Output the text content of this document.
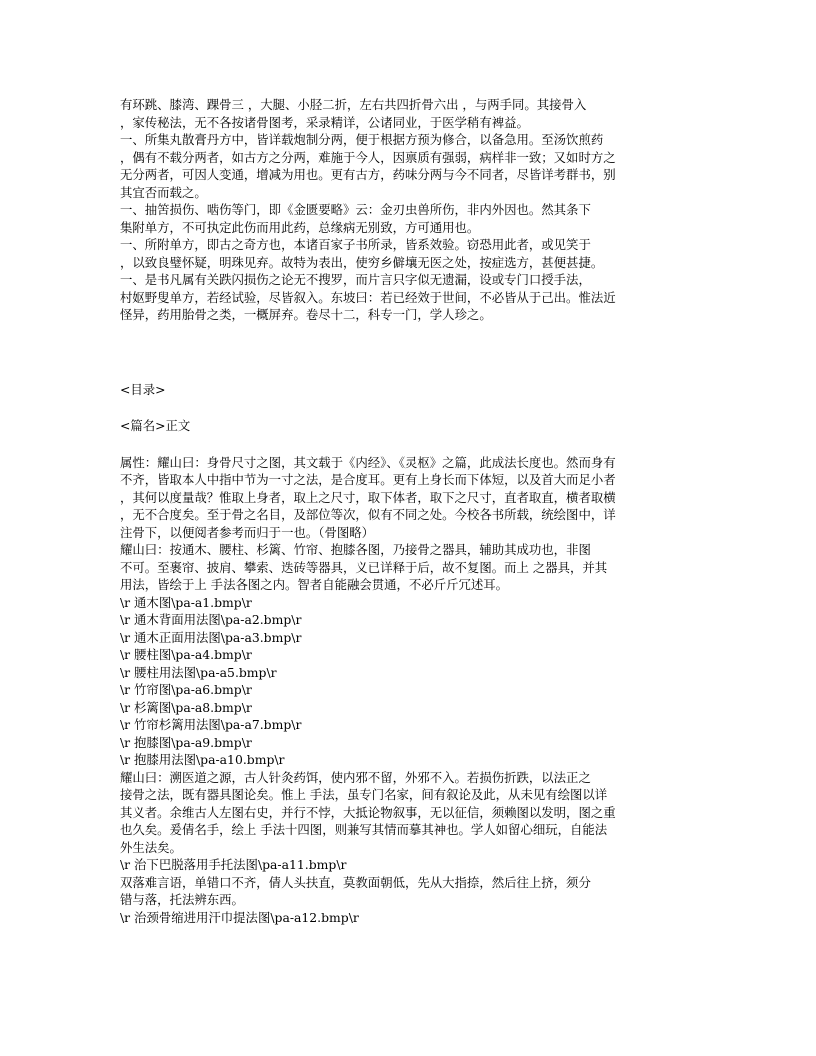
有环跳、膝湾、踝骨三 ，大腿、小胫二折，左右共四折骨六出 ，与两手同。其接骨入
，家传秘法，无不各按诸骨图考，采录精详，公诸同业，于医学稍有裨益。
一、所集丸散膏丹方中，皆详载炮制分两，便于根据方预为修合，以备急用。至汤饮煎药
，偶有不载分两者，如古方之分两，难施于今人，因禀质有强弱，病样非一致；又如时方之
无分两者，可因人变通，增减为用也。更有古方，药味分两与今不同者，尽皆详考群书，别
其宜否而载之。
一、抽䇢损伤、啮伤等门，即《金匮要略》云：金刃虫兽所伤，非内外因也。然其条下
集附单方，不可执定此伤而用此药，总缘病无别致，方可通用也。
一、所附单方，即古之奇方也，本诸百家子书所录，皆系效验。窃恐用此者，或见笑于
，以致良璧怀疑，明珠见弃。故特为表出，使穷乡僻壤无医之处，按症选方，甚便甚捷。
一、是书凡属有关跌闪损伤之论无不搜罗，而片言只字似无遗漏，设或专门口授手法，
村妪野叟单方，若经试验，尽皆叙入。东坡曰：若已经效于世间，不必皆从于己出。惟法近
怪异，药用胎骨之类，一概屏弃。卷尽十二，科专一门，学人珍之。
<目录>
<篇名>正文
属性：耀山曰：身骨尺寸之图，其文载于《内经》、《灵枢》之篇，此成法长度也。然而身有
不齐，皆取本人中指中节为一寸之法，是合度耳。更有上身长而下体短，以及首大而足小者
，其何以度量哉？惟取上身者，取上之尺寸，取下体者，取下之尺寸，直者取直，横者取横
，无不合度矣。至于骨之名目，及部位等次，似有不同之处。今校各书所载，统绘图中，详
注骨下，以便阅者参考而归于一也。（骨图略）
耀山曰：按通木、腰柱、杉篱、竹帘、抱膝各图，乃接骨之器具，辅助其成功也，非图
不可。至裹帘、披肩、攀索、迭砖等器具，义已详释于后，故不复图。而上 之器具，并其
用法，皆绘于上 手法各图之内。智者自能融会贯通，不必斤斤冗述耳。
\r 通木图\pa-a1.bmp\r
\r 通木背面用法图\pa-a2.bmp\r
\r 通木正面用法图\pa-a3.bmp\r
\r 腰柱图\pa-a4.bmp\r
\r 腰柱用法图\pa-a5.bmp\r
\r 竹帘图\pa-a6.bmp\r
\r 杉篱图\pa-a8.bmp\r
\r 竹帘杉篱用法图\pa-a7.bmp\r
\r 抱膝图\pa-a9.bmp\r
\r 抱膝用法图\pa-a10.bmp\r
耀山曰：溯医道之源，古人针灸药饵，使内邪不留，外邪不入。若损伤折跌，以法正之
接骨之法，既有器具图论矣。惟上 手法，虽专门名家，间有叙论及此，从未见有绘图以详
其义者。余维古人左图右史，并行不悖，大抵论物叙事，无以征信，须赖图以发明，图之重
也久矣。爰倩名手，绘上 手法十四图，则兼写其情而摹其神也。学人如留心细玩，自能法
外生法矣。
\r 治下巴脱落用手托法图\pa-a11.bmp\r
双落难言语，单错口不齐，倩人头扶直，莫教面朝低，先从大指捺，然后往上挤，须分
错与落，托法辨东西。
\r 治颈骨缩进用汗巾提法图\pa-a12.bmp\r
